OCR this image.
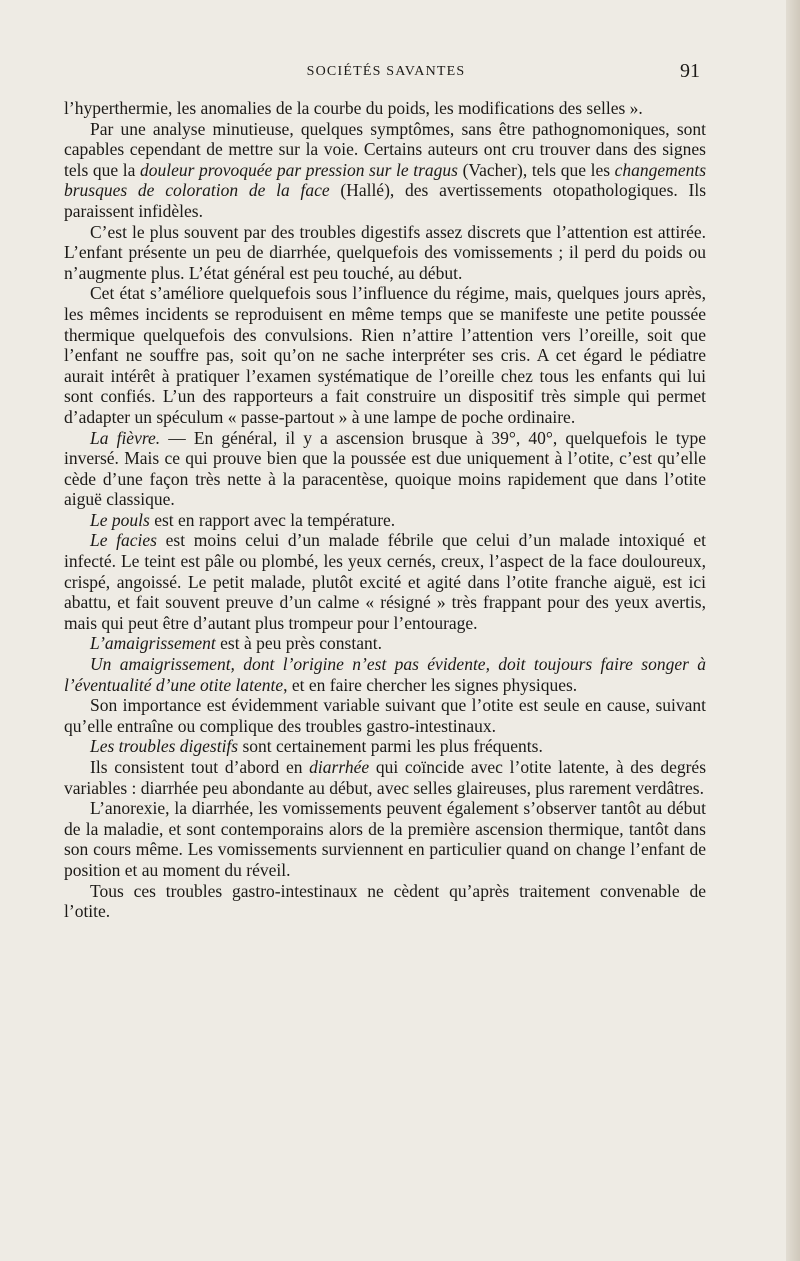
SOCIÉTÉS SAVANTES	91

l’hyperthermie, les anomalies de la courbe du poids, les modifications des selles ».

Par une analyse minutieuse, quelques symptômes, sans être pathognomoniques, sont capables cependant de mettre sur la voie. Certains auteurs ont cru trouver dans des signes tels que la douleur provoquée par pression sur le tragus (Vacher), tels que les changements brusques de coloration de la face (Hallé), des avertissements otopathologiques. Ils paraissent infidèles.

C’est le plus souvent par des troubles digestifs assez discrets que l’attention est attirée. L’enfant présente un peu de diarrhée, quelquefois des vomissements ; il perd du poids ou n’augmente plus. L’état général est peu touché, au début.

Cet état s’améliore quelquefois sous l’influence du régime, mais, quelques jours après, les mêmes incidents se reproduisent en même temps que se manifeste une petite poussée thermique quelquefois des convulsions. Rien n’attire l’attention vers l’oreille, soit que l’enfant ne souffre pas, soit qu’on ne sache interpréter ses cris. A cet égard le pédiatre aurait intérêt à pratiquer l’examen systématique de l’oreille chez tous les enfants qui lui sont confiés. L’un des rapporteurs a fait construire un dispositif très simple qui permet d’adapter un spéculum « passe-partout » à une lampe de poche ordinaire.

La fièvre. — En général, il y a ascension brusque à 39°, 40°, quelquefois le type inversé. Mais ce qui prouve bien que la poussée est due uniquement à l’otite, c’est qu’elle cède d’une façon très nette à la paracentèse, quoique moins rapidement que dans l’otite aiguë classique.

Le pouls est en rapport avec la température.

Le facies est moins celui d’un malade fébrile que celui d’un malade intoxiqué et infecté. Le teint est pâle ou plombé, les yeux cernés, creux, l’aspect de la face douloureux, crispé, angoissé. Le petit malade, plutôt excité et agité dans l’otite franche aiguë, est ici abattu, et fait souvent preuve d’un calme « résigné » très frappant pour des yeux avertis, mais qui peut être d’autant plus trompeur pour l’entourage.

L’amaigrissement est à peu près constant.

Un amaigrissement, dont l’origine n’est pas évidente, doit toujours faire songer à l’éventualité d’une otite latente, et en faire chercher les signes physiques.

Son importance est évidemment variable suivant que l’otite est seule en cause, suivant qu’elle entraîne ou complique des troubles gastro-intestinaux.

Les troubles digestifs sont certainement parmi les plus fréquents.

Ils consistent tout d’abord en diarrhée qui coïncide avec l’otite latente, à des degrés variables : diarrhée peu abondante au début, avec selles glaireuses, plus rarement verdâtres.

L’anorexie, la diarrhée, les vomissements peuvent également s’observer tantôt au début de la maladie, et sont contemporains alors de la première ascension thermique, tantôt dans son cours même. Les vomissements surviennent en particulier quand on change l’enfant de position et au moment du réveil.

Tous ces troubles gastro-intestinaux ne cèdent qu’après traitement convenable de l’otite.
